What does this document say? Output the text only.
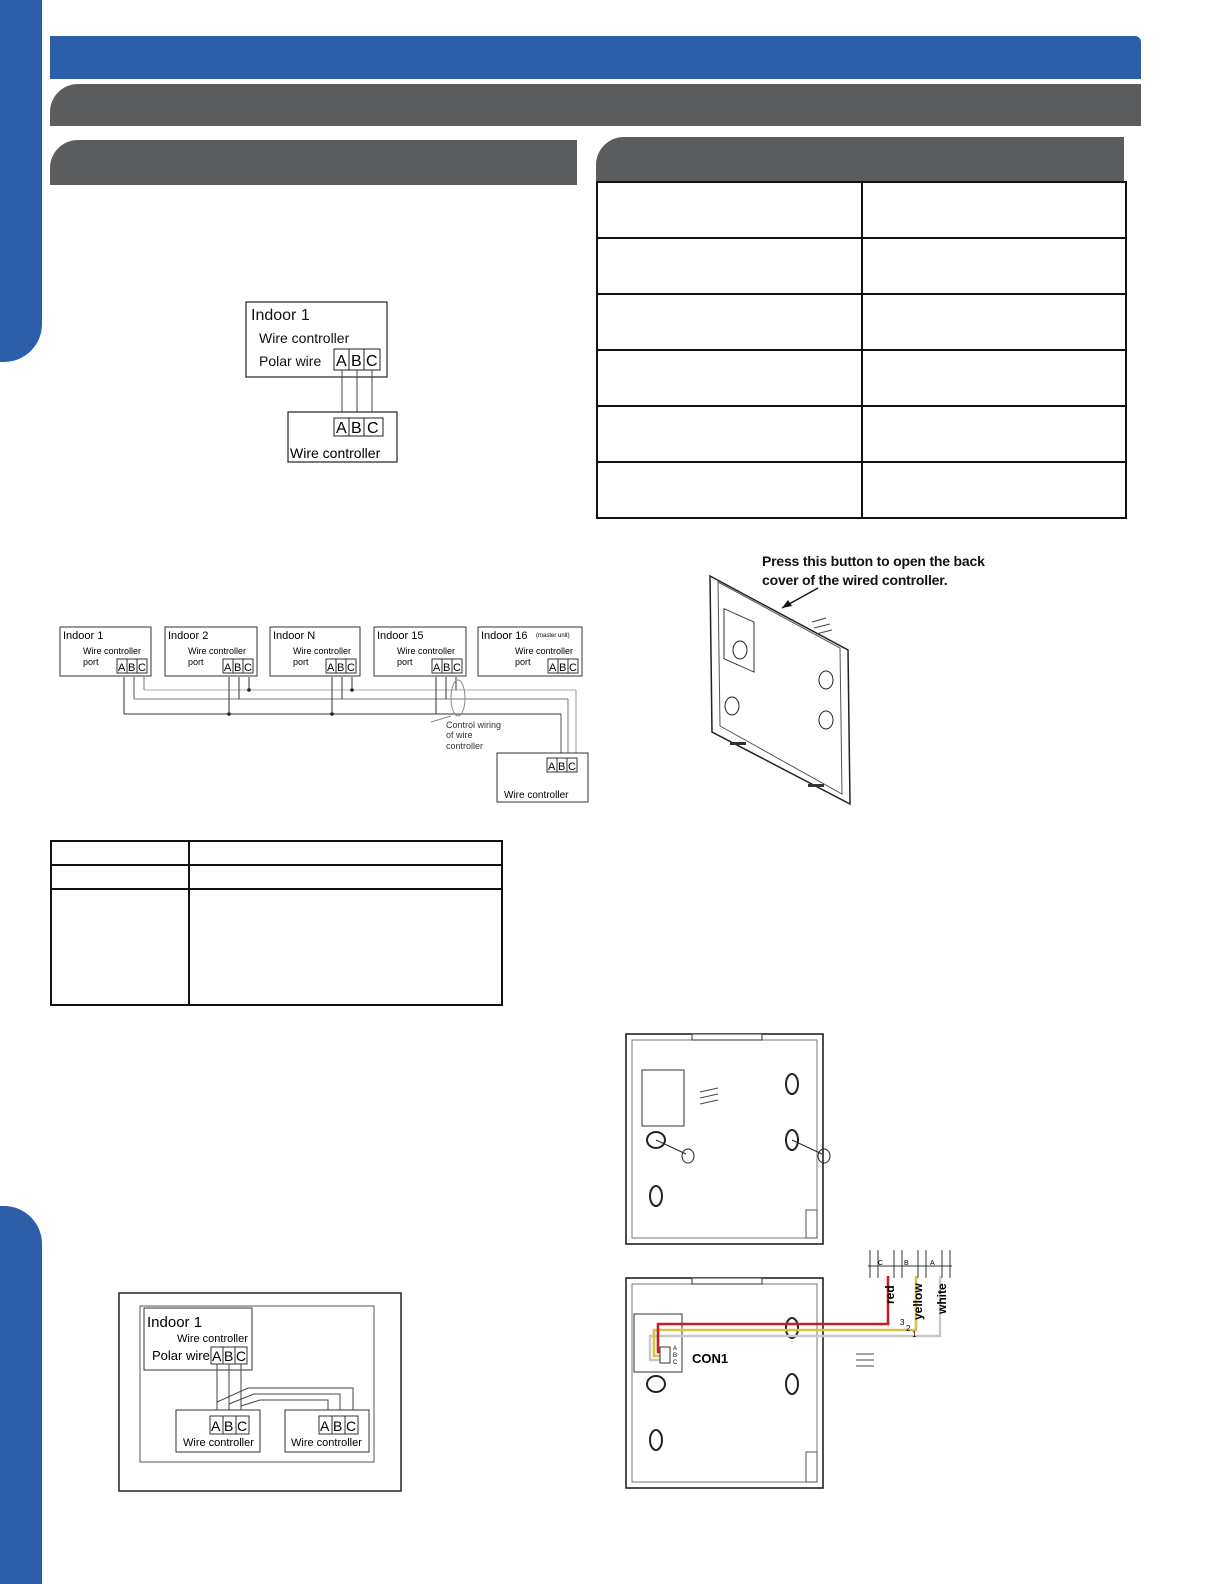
Indoor 1
Wire controller
Polar wire A B C
A B C
Wire controller
Indoor 1
Wire controller
port A B C
Indoor 2
Wire controller
port A B C
Indoor N
Wire controller
port A B C
Indoor 15
Wire controller
port A B C
Indoor 16 (master unit)
Wire controller
port A B C
Control wiring
of wire
controller
A B C
Wire controller
Indoor 1
Wire controller
Polar wire A B C
A B C
Wire controller
A B C
Wire controller
Press this button to open the back
cover of the wired controller.
3
2
1
C	B	A
red yellow white
A
B
C CON1
